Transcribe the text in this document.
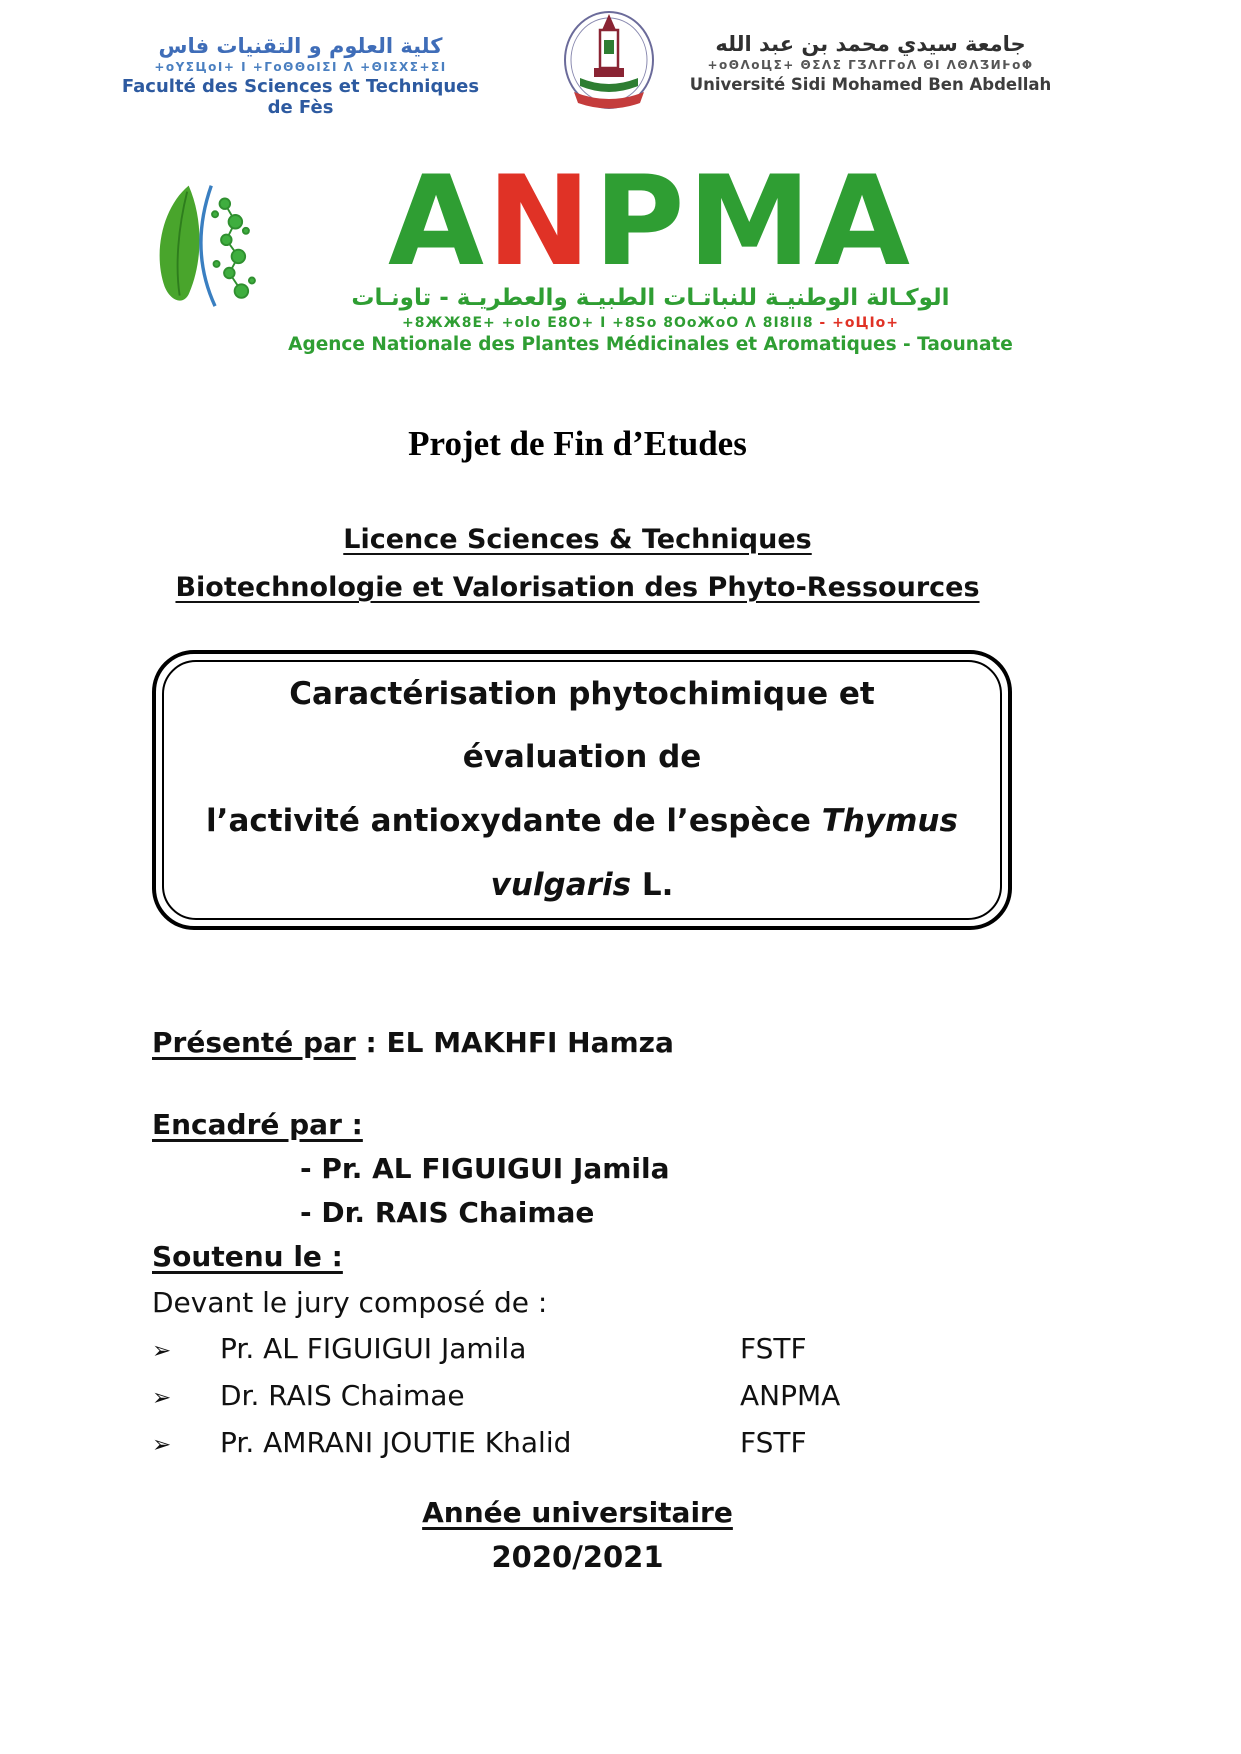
كلية العلوم و التقنيات فاس
+oYΣЦoI+ I +ΓoΘΘoIΣI Λ +ΘIΣXΣ+ΣI
Faculté des Sciences et Techniques de Fès
جامعة سيدي محمد بن عبد الله
+oΘΛoЦΣ+ ΘΣΛΣ ΓƷΛΓΓoΛ ΘI ΛΘΛƷͶͰoΦ
Université Sidi Mohamed Ben Abdellah
ANPMA
الوكـالة الوطنيـة للنباتـات الطبيـة والعطريـة - تاونـات
+8ЖЖ8Е+ +olo Е8О+ I +8Ѕo 8ОoЖoО Λ 8Ι8ΙΙ8 - +oЦIo+
Agence Nationale des Plantes Médicinales et Aromatiques - Taounate
Projet de Fin d’Etudes
Licence Sciences & Techniques
Biotechnologie et Valorisation des Phyto-Ressources
Caractérisation phytochimique et évaluation de
l’activité antioxydante de l’espèce Thymus
vulgaris L.
Présenté par : EL MAKHFI Hamza
Encadré par :
- Pr. AL FIGUIGUI Jamila
- Dr. RAIS Chaimae
Soutenu le :
Devant le jury composé de :
➢	Pr. AL FIGUIGUI Jamila	FSTF
➢	Dr. RAIS Chaimae	ANPMA
➢	Pr. AMRANI JOUTIE Khalid	FSTF
Année universitaire
2020/2021
